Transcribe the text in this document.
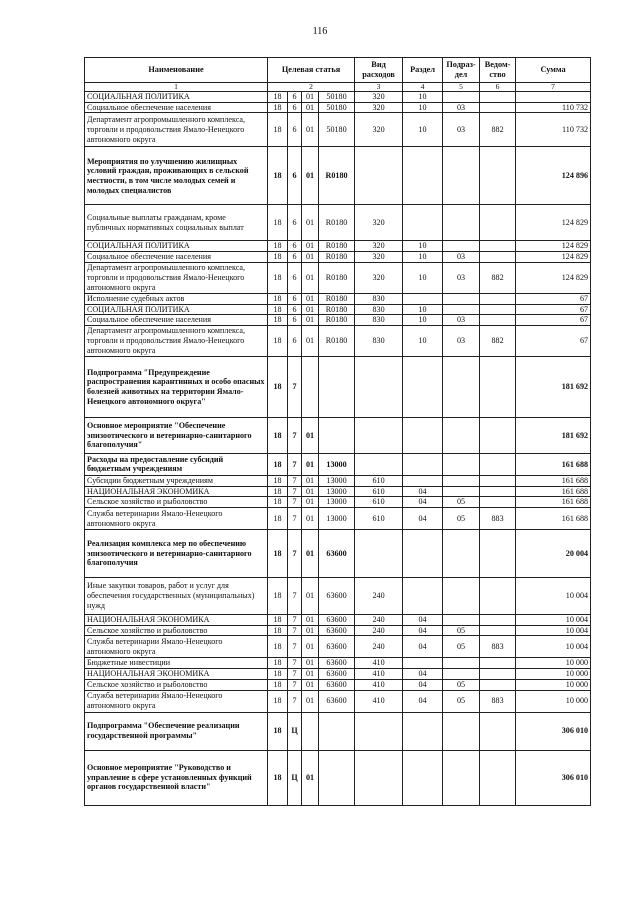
116
Наименование	Целевая статья				Вид расходов	Раздел	Подраз-дел	Ведом-ство	Сумма
1	2				3	4	5	6	7
СОЦИАЛЬНАЯ ПОЛИТИКА	18	6	01	50180	320	10			
Социальное обеспечение населения	18	6	01	50180	320	10	03		110 732
Департамент агропромышленного комплекса, торговли и продовольствия Ямало-Ненецкого автономного округа	18	6	01	50180	320	10	03	882	110 732
Мероприятия по улучшению жилищных условий граждан, проживающих в сельской местности, в том числе молодых семей и молодых специалистов	18	6	01	R0180					124 896
Социальные выплаты гражданам, кроме публичных нормативных социальных выплат	18	6	01	R0180	320				124 829
СОЦИАЛЬНАЯ ПОЛИТИКА	18	6	01	R0180	320	10			124 829
Социальное обеспечение населения	18	6	01	R0180	320	10	03		124 829
Департамент агропромышленного комплекса, торговли и продовольствия Ямало-Ненецкого автономного округа	18	6	01	R0180	320	10	03	882	124 829
Исполнение судебных актов	18	6	01	R0180	830				67
СОЦИАЛЬНАЯ ПОЛИТИКА	18	6	01	R0180	830	10			67
Социальное обеспечение населения	18	6	01	R0180	830	10	03		67
Департамент агропромышленного комплекса, торговли и продовольствия Ямало-Ненецкого автономного округа	18	6	01	R0180	830	10	03	882	67
Подпрограмма "Предупреждение распространения карантинных и особо опасных болезней животных на территории Ямало-Ненецкого автономного округа"	18	7							181 692
Основное мероприятие "Обеспечение эпизоотического и ветеринарно-санитарного благополучия"	18	7	01						181 692
Расходы на предоставление субсидий бюджетным учреждениям	18	7	01	13000					161 688
Субсидии бюджетным учреждениям	18	7	01	13000	610				161 688
НАЦИОНАЛЬНАЯ ЭКОНОМИКА	18	7	01	13000	610	04			161 688
Сельское хозяйство и рыболовство	18	7	01	13000	610	04	05		161 688
Служба ветеринарии Ямало-Ненецкого автономного округа	18	7	01	13000	610	04	05	883	161 688
Реализация комплекса мер по обеспечению эпизоотического и ветеринарно-санитарного благополучия	18	7	01	63600					20 004
Иные закупки товаров, работ и услуг для обеспечения государственных (муниципальных) нужд	18	7	01	63600	240				10 004
НАЦИОНАЛЬНАЯ ЭКОНОМИКА	18	7	01	63600	240	04			10 004
Сельское хозяйство и рыболовство	18	7	01	63600	240	04	05		10 004
Служба ветеринарии Ямало-Ненецкого автономного округа	18	7	01	63600	240	04	05	883	10 004
Бюджетные инвестиции	18	7	01	63600	410				10 000
НАЦИОНАЛЬНАЯ ЭКОНОМИКА	18	7	01	63600	410	04			10 000
Сельское хозяйство и рыболовство	18	7	01	63600	410	04	05		10 000
Служба ветеринарии Ямало-Ненецкого автономного округа	18	7	01	63600	410	04	05	883	10 000
Подпрограмма "Обеспечение реализации государственной программы"	18	Ц							306 010
Основное мероприятие "Руководство и управление в сфере установленных функций органов государственной власти"	18	Ц	01						306 010
